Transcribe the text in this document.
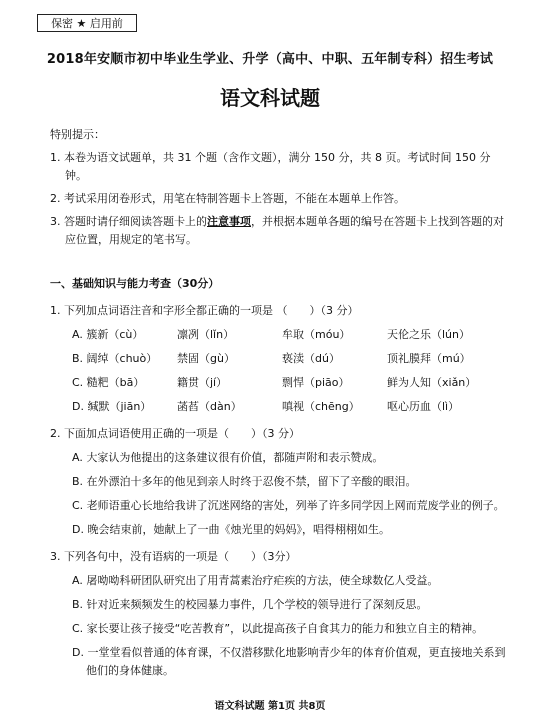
保密 ★ 启用前
2018年安顺市初中毕业生学业、升学（高中、中职、五年制专科）招生考试
语文科试题
特别提示：
1. 本卷为语文试题单，共 31 个题（含作文题），满分 150 分，共 8 页。考试时间 150 分钟。
2. 考试采用闭卷形式，用笔在特制答题卡上答题，不能在本题单上作答。
3. 答题时请仔细阅读答题卡上的注意事项，并根据本题单各题的编号在答题卡上找到答题的对应位置，用规定的笔书写。
一、基础知识与能力考查（30分）
1. 下列加点词语注音和字形全都正确的一项是 （　　）（3 分）
A. 簇新（cù）	凛冽（lǐn）	牟取（móu）	天伦之乐（lún）
B. 阔绰（chuò）	禁固（gù）	亵渎（dú）	顶礼膜拜（mú）
C. 糙粑（bā）	籍贯（jí）	剽悍（piāo）	鲜为人知（xiǎn）
D. 缄默（jiān）	菡萏（dàn）	嗔视（chēng）	呕心历血（lì）
2. 下面加点词语使用正确的一项是（　　）（3 分）
A. 大家认为他提出的这条建议很有价值，都随声附和表示赞成。
B. 在外漂泊十多年的他见到亲人时终于忍俊不禁，留下了辛酸的眼泪。
C. 老师语重心长地给我讲了沉迷网络的害处，列举了许多同学因上网而荒废学业的例子。
D. 晚会结束前，她献上了一曲《烛光里的妈妈》，唱得栩栩如生。
3. 下列各句中，没有语病的一项是（　　）（3分）
A. 屠呦呦科研团队研究出了用青蒿素治疗疟疾的方法，使全球数亿人受益。
B. 针对近来频频发生的校园暴力事件，几个学校的领导进行了深刻反思。
C. 家长要让孩子接受“吃苦教育”，以此提高孩子自食其力的能力和独立自主的精神。
D. 一堂堂看似普通的体育课，不仅潜移默化地影响青少年的体育价值观，更直接地关系到他们的身体健康。
语文科试题 第1页 共8页
